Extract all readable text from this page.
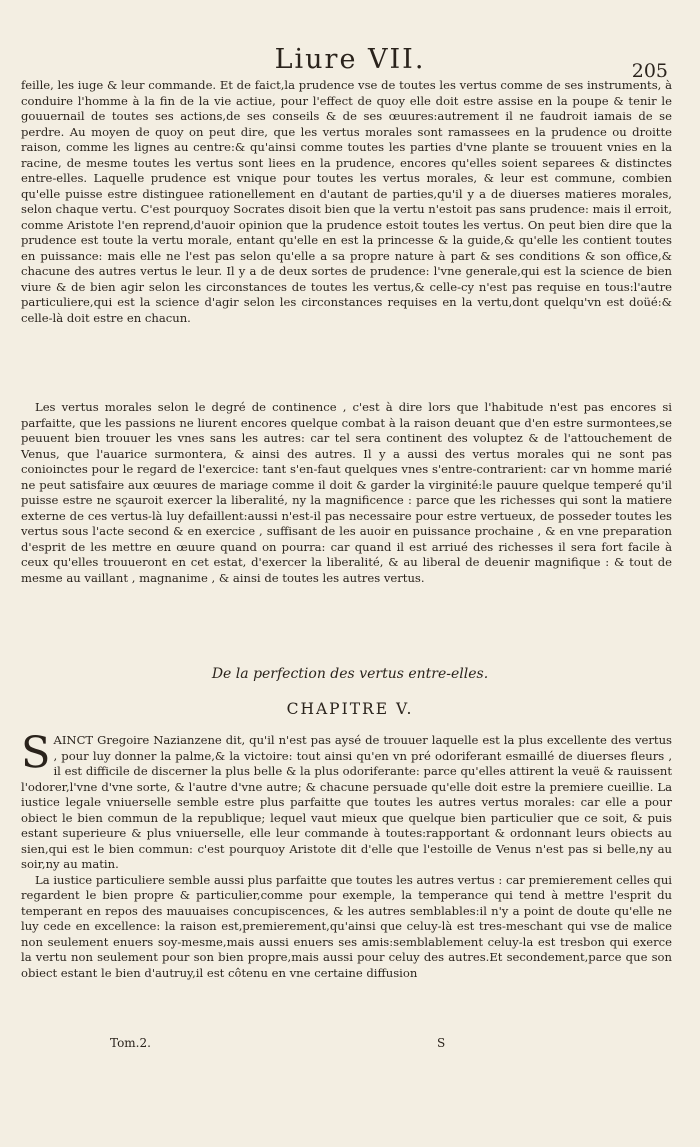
Liure VII.	205

feille, les iuge & leur commande. Et de faict,la prudence vse de toutes les vertus comme de ses instruments, à conduire l'homme à la fin de la vie actiue, pour l'effect de quoy elle doit estre assise en la poupe & tenir le gouuernail de toutes ses actions,de ses conseils & de ses œuures:autrement il ne faudroit iamais de se perdre. Au moyen de quoy on peut dire, que les vertus morales sont ramassees en la prudence ou droitte raison, comme les lignes au centre:& qu'ainsi comme toutes les parties d'vne plante se trouuent vnies en la racine, de mesme toutes les vertus sont liees en la prudence, encores qu'elles soient separees & distinctes entre-elles. Laquelle prudence est vnique pour toutes les vertus morales, & leur est commune, combien qu'elle puisse estre distinguee rationellement en d'autant de parties,qu'il y a de diuerses matieres morales, selon chaque vertu. C'est pourquoy Socrates disoit bien que la vertu n'estoit pas sans prudence: mais il erroit, comme Aristote l'en reprend,d'auoir opinion que la prudence estoit toutes les vertus. On peut bien dire que la prudence est toute la vertu morale, entant qu'elle en est la princesse & la guide,& qu'elle les contient toutes en puissance: mais elle ne l'est pas selon qu'elle a sa propre nature à part & ses conditions & son office,& chacune des autres vertus le leur. Il y a de deux sortes de prudence: l'vne generale,qui est la science de bien viure & de bien agir selon les circonstances de toutes les vertus,& celle-cy n'est pas requise en tous:l'autre particuliere,qui est la science d'agir selon les circonstances requises en la vertu,dont quelqu'vn est doüé:& celle-là doit estre en chacun.

Les vertus morales selon le degré de continence , c'est à dire lors que l'habitude n'est pas encores si parfaitte, que les passions ne liurent encores quelque combat à la raison deuant que d'en estre surmontees,se peuuent bien trouuer les vnes sans les autres: car tel sera continent des voluptez & de l'attouchement de Venus, que l'auarice surmontera, & ainsi des autres. Il y a aussi des vertus morales qui ne sont pas conioinctes pour le regard de l'exercice: tant s'en-faut quelques vnes s'entre-contrarient: car vn homme marié ne peut satisfaire aux œuures de mariage comme il doit & garder la virginité:le pauure quelque temperé qu'il puisse estre ne sçauroit exercer la liberalité, ny la magnificence : parce que les richesses qui sont la matiere externe de ces vertus-là luy defaillent:aussi n'est-il pas necessaire pour estre vertueux, de posseder toutes les vertus sous l'acte second & en exercice , suffisant de les auoir en puissance prochaine , & en vne preparation d'esprit de les mettre en œuure quand on pourra: car quand il est arriué des richesses il sera fort facile à ceux qu'elles trouueront en cet estat, d'exercer la liberalité, & au liberal de deuenir magnifique : & tout de mesme au vaillant , magnanime , & ainsi de toutes les autres vertus.

De la perfection des vertus entre-elles.
CHAPITRE V.

SAINCT Gregoire Nazianzene dit, qu'il n'est pas aysé de trouuer laquelle est la plus excellente des vertus , pour luy donner la palme,& la victoire: tout ainsi qu'en vn pré odoriferant esmaillé de diuerses fleurs , il est difficile de discerner la plus belle & la plus odoriferante: parce qu'elles attirent la veuë & rauissent l'odorer,l'vne d'vne sorte, & l'autre d'vne autre; & chacune persuade qu'elle doit estre la premiere cueillie. La iustice legale vniuerselle semble estre plus parfaitte que toutes les autres vertus morales: car elle a pour obiect le bien commun de la republique; lequel vaut mieux que quelque bien particulier que ce soit, & puis estant superieure & plus vniuerselle, elle leur commande à toutes:rapportant & ordonnant leurs obiects au sien,qui est le bien commun: c'est pourquoy Aristote dit d'elle que l'estoille de Venus n'est pas si belle,ny au soir,ny au matin.

La iustice particuliere semble aussi plus parfaitte que toutes les autres vertus : car premierement celles qui regardent le bien propre & particulier,comme pour exemple, la temperance qui tend à mettre l'esprit du temperant en repos des mauuaises concupiscences, & les autres semblables:il n'y a point de doute qu'elle ne luy cede en excellence: la raison est,premierement,qu'ainsi que celuy-là est tres-meschant qui vse de malice non seulement enuers soy-mesme,mais aussi enuers ses amis:semblablement celuy-la est tresbon qui exerce la vertu non seulement pour son bien propre,mais aussi pour celuy des autres.Et secondement,parce que son obiect estant le bien d'autruy,il est côtenu en vne certaine diffusion

Tom.2.	S
